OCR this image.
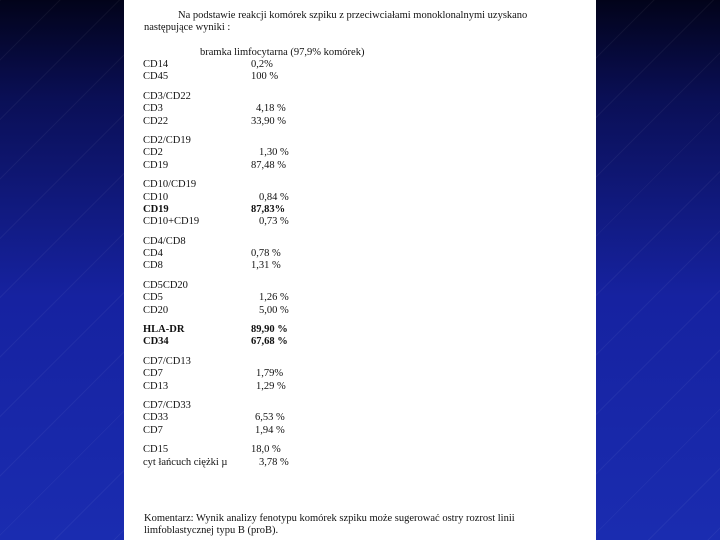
Na podstawie reakcji komórek szpiku z przeciwciałami monoklonalnymi uzyskano
następujące wyniki :
bramka limfocytarna (97,9% komórek)
CD14	0,2%
CD45	100 %
CD3/CD22
CD3	4,18 %
CD22	33,90 %
CD2/CD19
CD2	1,30 %
CD19	87,48 %
CD10/CD19
CD10	0,84 %
CD19	87,83%
CD10+CD19	0,73 %
CD4/CD8
CD4	0,78 %
CD8	1,31 %
CD5CD20
CD5	1,26 %
CD20	5,00 %
HLA-DR	89,90 %
CD34	67,68 %
CD7/CD13
CD7	1,79%
CD13	1,29 %
CD7/CD33
CD33	6,53 %
CD7	1,94 %
CD15	18,0 %
cyt łańcuch ciężki µ	3,78 %
Komentarz: Wynik analizy fenotypu komórek szpiku może sugerować ostry rozrost linii
limfoblastycznej typu B (proB).
